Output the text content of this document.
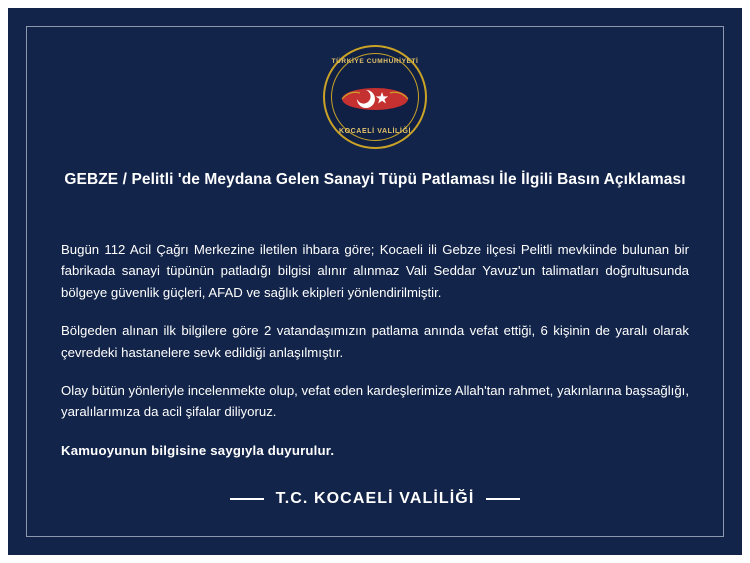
TÜRKİYE CUMHURİYETİ
KOCAELİ VALİLİĞİ
GEBZE / Pelitli 'de Meydana Gelen Sanayi Tüpü Patlaması İle İlgili Basın Açıklaması

Bugün 112 Acil Çağrı Merkezine iletilen ihbara göre; Kocaeli ili Gebze ilçesi Pelitli mevkiinde bulunan bir fabrikada sanayi tüpünün patladığı bilgisi alınır alınmaz Vali Seddar Yavuz'un talimatları doğrultusunda bölgeye güvenlik güçleri, AFAD ve sağlık ekipleri yönlendirilmiştir.

Bölgeden alınan ilk bilgilere göre 2 vatandaşımızın patlama anında vefat ettiği, 6 kişinin de yaralı olarak çevredeki hastanelere sevk edildiği anlaşılmıştır.

Olay bütün yönleriyle incelenmekte olup, vefat eden kardeşlerimize Allah'tan rahmet, yakınlarına başsağlığı, yaralılarımıza da acil şifalar diliyoruz.

Kamuoyunun bilgisine saygıyla duyurulur.

T.C. KOCAELİ VALİLİĞİ
